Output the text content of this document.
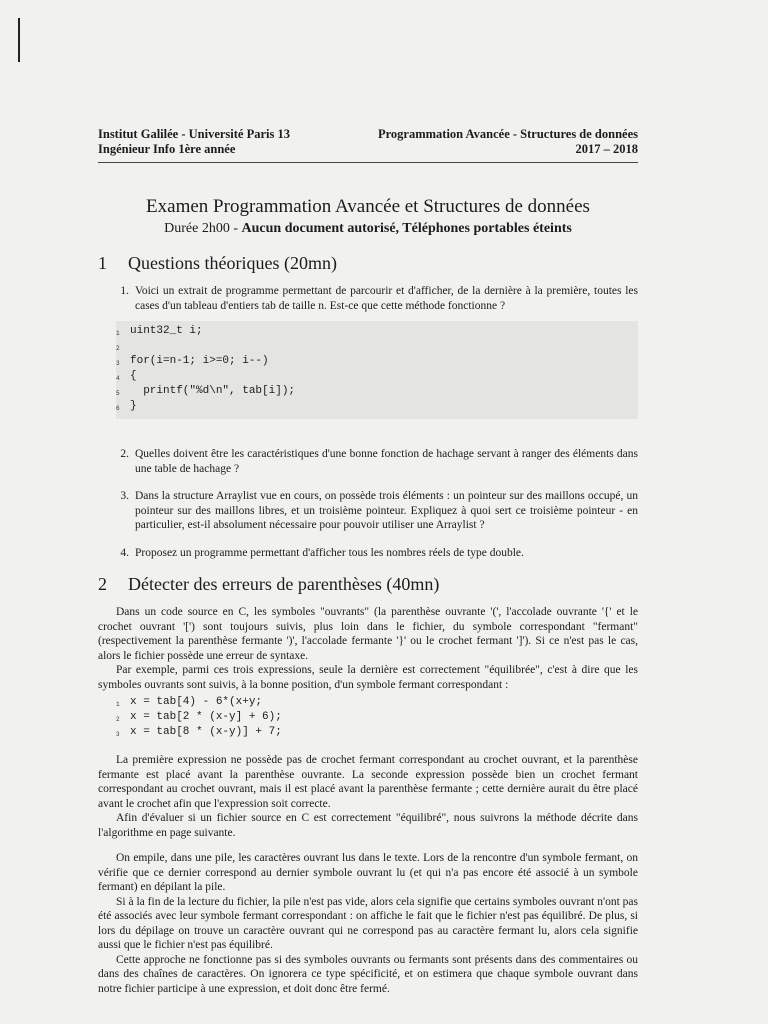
Institut Galilée - Université Paris 13
Ingénieur Info 1ère année
Programmation Avancée - Structures de données
2017 – 2018
Examen Programmation Avancée et Structures de données
Durée 2h00 - Aucun document autorisé, Téléphones portables éteints
1	Questions théoriques (20mn)
1. Voici un extrait de programme permettant de parcourir et d'afficher, de la dernière à la première, toutes les cases d'un tableau d'entiers tab de taille n. Est-ce que cette méthode fonctionne ?
1 uint32_t i;
2
3 for(i=n-1; i>=0; i--)
4 {
5 printf("%d\n", tab[i]);
6 }
2. Quelles doivent être les caractéristiques d'une bonne fonction de hachage servant à ranger des éléments dans une table de hachage ?
3. Dans la structure Arraylist vue en cours, on possède trois éléments : un pointeur sur des maillons occupé, un pointeur sur des maillons libres, et un troisième pointeur. Expliquez à quoi sert ce troisième pointeur - en particulier, est-il absolument nécessaire pour pouvoir utiliser une Arraylist ?
4. Proposez un programme permettant d'afficher tous les nombres réels de type double.
2	Détecter des erreurs de parenthèses (40mn)

Dans un code source en C, les symboles "ouvrants" (la parenthèse ouvrante '(', l'accolade ouvrante '{' et le crochet ouvrant '[') sont toujours suivis, plus loin dans le fichier, du symbole correspondant "fermant" (respectivement la parenthèse fermante ')', l'accolade fermante '}' ou le crochet fermant ']'). Si ce n'est pas le cas, alors le fichier possède une erreur de syntaxe.

Par exemple, parmi ces trois expressions, seule la dernière est correctement "équilibrée", c'est à dire que les symboles ouvrants sont suivis, à la bonne position, d'un symbole fermant correspondant :

1 x = tab[4) - 6*(x+y;
2 x = tab[2 * (x-y] + 6);
3 x = tab[8 * (x-y)] + 7;

La première expression ne possède pas de crochet fermant correspondant au crochet ouvrant, et la parenthèse fermante est placé avant la parenthèse ouvrante. La seconde expression possède bien un crochet fermant correspondant au crochet ouvrant, mais il est placé avant la parenthèse fermante ; cette dernière aurait du être placé avant le crochet afin que l'expression soit correcte.

Afin d'évaluer si un fichier source en C est correctement "équilibré", nous suivrons la méthode décrite dans l'algorithme en page suivante.

On empile, dans une pile, les caractères ouvrant lus dans le texte. Lors de la rencontre d'un symbole fermant, on vérifie que ce dernier correspond au dernier symbole ouvrant lu (et qui n'a pas encore été associé à un symbole fermant) en dépilant la pile.

Si à la fin de la lecture du fichier, la pile n'est pas vide, alors cela signifie que certains symboles ouvrant n'ont pas été associés avec leur symbole fermant correspondant : on affiche le fait que le fichier n'est pas équilibré. De plus, si lors du dépilage on trouve un caractère ouvrant qui ne correspond pas au caractère fermant lu, alors cela signifie aussi que le fichier n'est pas équilibré.

Cette approche ne fonctionne pas si des symboles ouvrants ou fermants sont présents dans des commentaires ou dans des chaînes de caractères. On ignorera ce type spécificité, et on estimera que chaque symbole ouvrant dans notre fichier participe à une expression, et doit donc être fermé.
